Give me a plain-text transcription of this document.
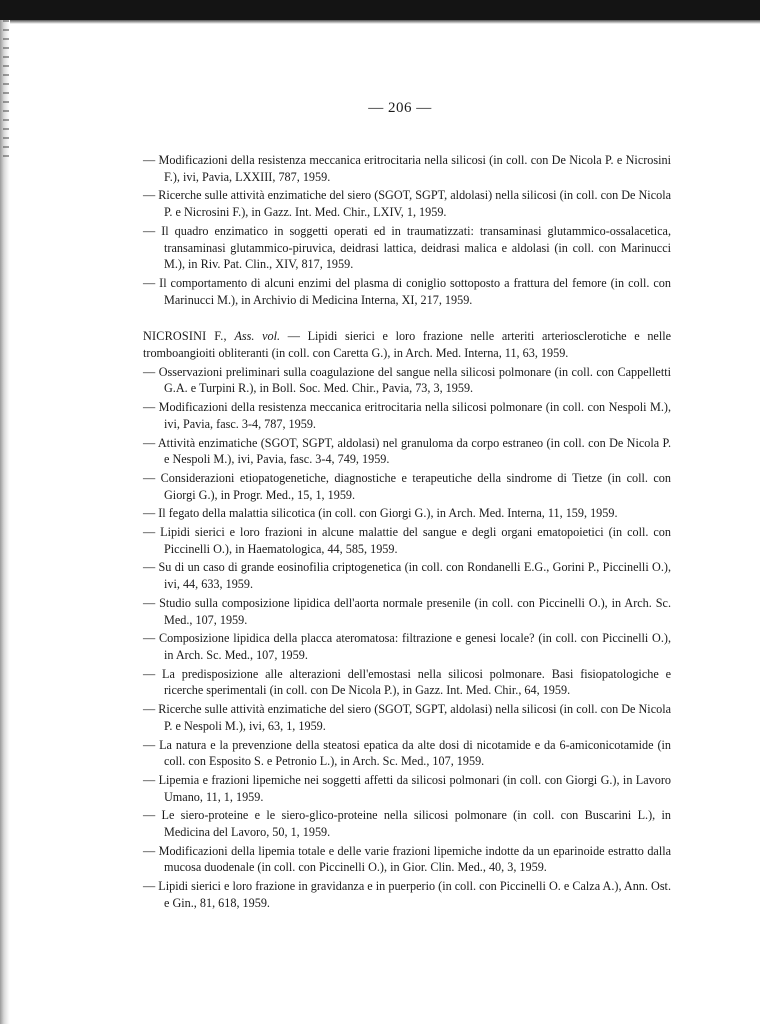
— 206 —

— Modificazioni della resistenza meccanica eritrocitaria nella silicosi (in coll. con De Nicola P. e Nicrosini F.), ivi, Pavia, LXXIII, 787, 1959.

— Ricerche sulle attività enzimatiche del siero (SGOT, SGPT, aldolasi) nella silicosi (in coll. con De Nicola P. e Nicrosini F.), in Gazz. Int. Med. Chir., LXIV, 1, 1959.

— Il quadro enzimatico in soggetti operati ed in traumatizzati: transaminasi glutammico-ossalacetica, transaminasi glutammico-piruvica, deidrasi lattica, deidrasi malica e aldolasi (in coll. con Marinucci M.), in Riv. Pat. Clin., XIV, 817, 1959.

— Il comportamento di alcuni enzimi del plasma di coniglio sottoposto a frattura del femore (in coll. con Marinucci M.), in Archivio di Medicina Interna, XI, 217, 1959.

NICROSINI F., Ass. vol. — Lipidi sierici e loro frazione nelle arteriti arteriosclerotiche e nelle tromboangioiti obliteranti (in coll. con Caretta G.), in Arch. Med. Interna, 11, 63, 1959.

— Osservazioni preliminari sulla coagulazione del sangue nella silicosi polmonare (in coll. con Cappelletti G.A. e Turpini R.), in Boll. Soc. Med. Chir., Pavia, 73, 3, 1959.

— Modificazioni della resistenza meccanica eritrocitaria nella silicosi polmonare (in coll. con Nespoli M.), ivi, Pavia, fasc. 3-4, 787, 1959.

— Attività enzimatiche (SGOT, SGPT, aldolasi) nel granuloma da corpo estraneo (in coll. con De Nicola P. e Nespoli M.), ivi, Pavia, fasc. 3-4, 749, 1959.

— Considerazioni etiopatogenetiche, diagnostiche e terapeutiche della sindrome di Tietze (in coll. con Giorgi G.), in Progr. Med., 15, 1, 1959.

— Il fegato della malattia silicotica (in coll. con Giorgi G.), in Arch. Med. Interna, 11, 159, 1959.

— Lipidi sierici e loro frazioni in alcune malattie del sangue e degli organi ematopoietici (in coll. con Piccinelli O.), in Haematologica, 44, 585, 1959.

— Su di un caso di grande eosinofilia criptogenetica (in coll. con Rondanelli E.G., Gorini P., Piccinelli O.), ivi, 44, 633, 1959.

— Studio sulla composizione lipidica dell'aorta normale presenile (in coll. con Piccinelli O.), in Arch. Sc. Med., 107, 1959.

— Composizione lipidica della placca ateromatosa: filtrazione e genesi locale? (in coll. con Piccinelli O.), in Arch. Sc. Med., 107, 1959.

— La predisposizione alle alterazioni dell'emostasi nella silicosi polmonare. Basi fisiopatologiche e ricerche sperimentali (in coll. con De Nicola P.), in Gazz. Int. Med. Chir., 64, 1959.

— Ricerche sulle attività enzimatiche del siero (SGOT, SGPT, aldolasi) nella silicosi (in coll. con De Nicola P. e Nespoli M.), ivi, 63, 1, 1959.

— La natura e la prevenzione della steatosi epatica da alte dosi di nicotamide e da 6-amiconicotamide (in coll. con Esposito S. e Petronio L.), in Arch. Sc. Med., 107, 1959.

— Lipemia e frazioni lipemiche nei soggetti affetti da silicosi polmonari (in coll. con Giorgi G.), in Lavoro Umano, 11, 1, 1959.

— Le siero-proteine e le siero-glico-proteine nella silicosi polmonare (in coll. con Buscarini L.), in Medicina del Lavoro, 50, 1, 1959.

— Modificazioni della lipemia totale e delle varie frazioni lipemiche indotte da un eparinoide estratto dalla mucosa duodenale (in coll. con Piccinelli O.), in Gior. Clin. Med., 40, 3, 1959.

— Lipidi sierici e loro frazione in gravidanza e in puerperio (in coll. con Piccinelli O. e Calza A.), Ann. Ost. e Gin., 81, 618, 1959.
